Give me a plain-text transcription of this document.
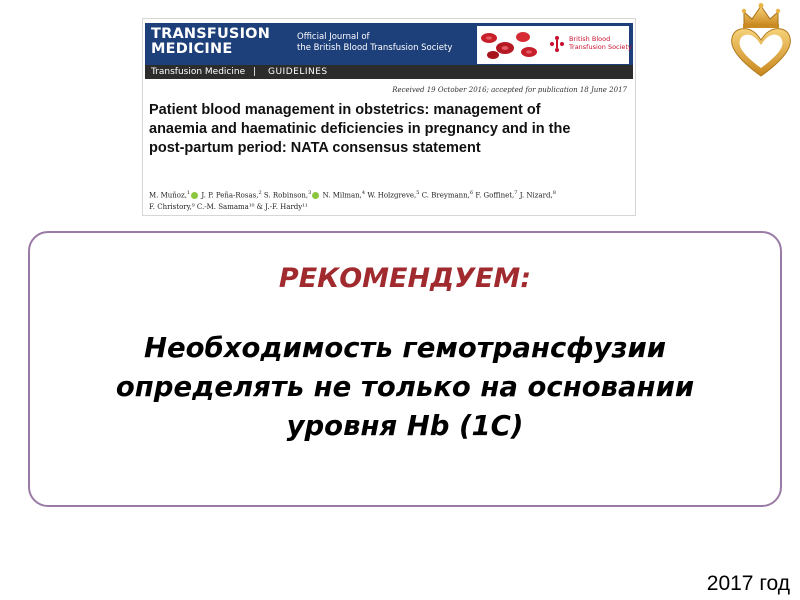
TRANSFUSION
MEDICINE
Official Journal of
the British Blood Transfusion Society
British Blood
Transfusion Society
Transfusion Medicine | GUIDELINES
Received 19 October 2016; accepted for publication 18 June 2017
Patient blood management in obstetrics: management of
anaemia and haematinic deficiencies in pregnancy and in the
post-partum period: NATA consensus statement
M. Muñoz,$^1$ J. P. Peña-Rosas,$^2$ S. Robinson,$^3$ N. Milman,$^4$ W. Holzgreve,$^5$ C. Breymann,$^6$ F. Goffinet,$^7$ J. Nizard,$^8$
F. Christory,⁹ C.-M. Samama¹⁰ & J.-F. Hardy¹¹
РЕКОМЕНДУЕМ:
Необходимость гемотрансфузии
определять не только на основании
уровня Hb (1C)
2017 год
